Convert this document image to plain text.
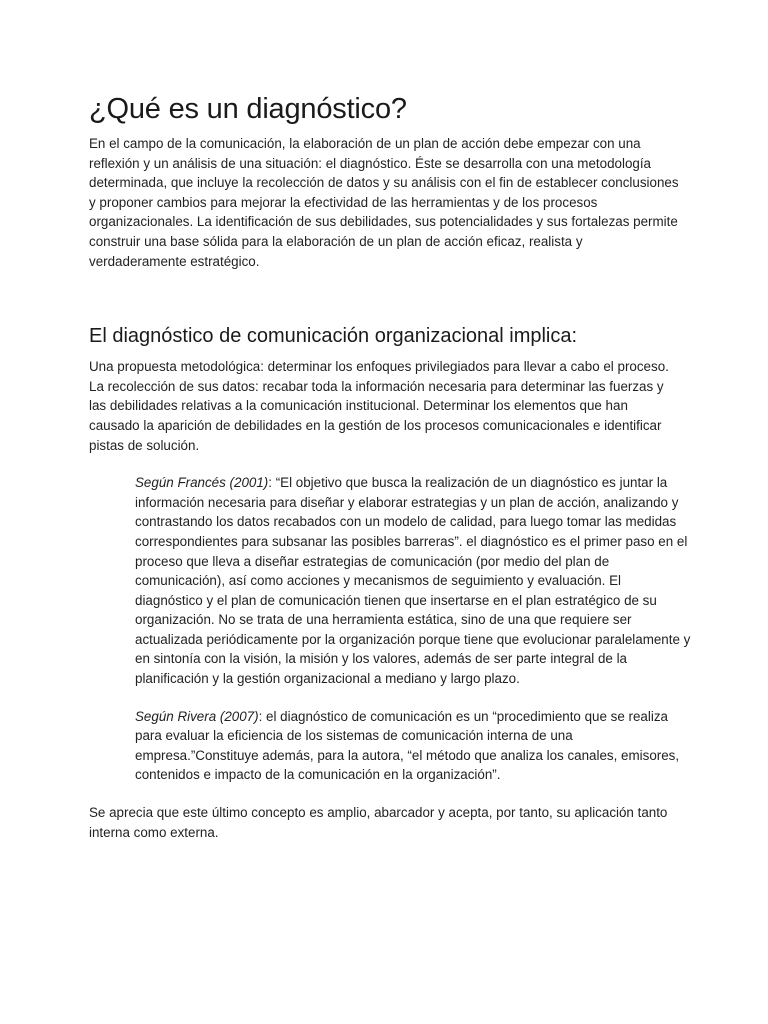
¿Qué es un diagnóstico?

En el campo de la comunicación, la elaboración de un plan de acción debe empezar con una reflexión y un análisis de una situación: el diagnóstico. Éste se desarrolla con una metodología determinada, que incluye la recolección de datos y su análisis con el fin de establecer conclusiones y proponer cambios para mejorar la efectividad de las herramientas y de los procesos organizacionales. La identificación de sus debilidades, sus potencialidades y sus fortalezas permite construir una base sólida para la elaboración de un plan de acción eficaz, realista y verdaderamente estratégico.

El diagnóstico de comunicación organizacional implica:

Una propuesta metodológica: determinar los enfoques privilegiados para llevar a cabo el proceso. La recolección de sus datos: recabar toda la información necesaria para determinar las fuerzas y las debilidades relativas a la comunicación institucional. Determinar los elementos que han causado la aparición de debilidades en la gestión de los procesos comunicacionales e identificar pistas de solución.

Según Francés (2001): “El objetivo que busca la realización de un diagnóstico es juntar la información necesaria para diseñar y elaborar estrategias y un plan de acción, analizando y contrastando los datos recabados con un modelo de calidad, para luego tomar las medidas correspondientes para subsanar las posibles barreras”. el diagnóstico es el primer paso en el proceso que lleva a diseñar estrategias de comunicación (por medio del plan de comunicación), así como acciones y mecanismos de seguimiento y evaluación. El diagnóstico y el plan de comunicación tienen que insertarse en el plan estratégico de su organización. No se trata de una herramienta estática, sino de una que requiere ser actualizada periódicamente por la organización porque tiene que evolucionar paralelamente y en sintonía con la visión, la misión y los valores, además de ser parte integral de la planificación y la gestión organizacional a mediano y largo plazo.

Según Rivera (2007): el diagnóstico de comunicación es un “procedimiento que se realiza para evaluar la eficiencia de los sistemas de comunicación interna de una empresa.”Constituye además, para la autora, “el método que analiza los canales, emisores, contenidos e impacto de la comunicación en la organización”.

Se aprecia que este último concepto es amplio, abarcador y acepta, por tanto, su aplicación tanto interna como externa.
